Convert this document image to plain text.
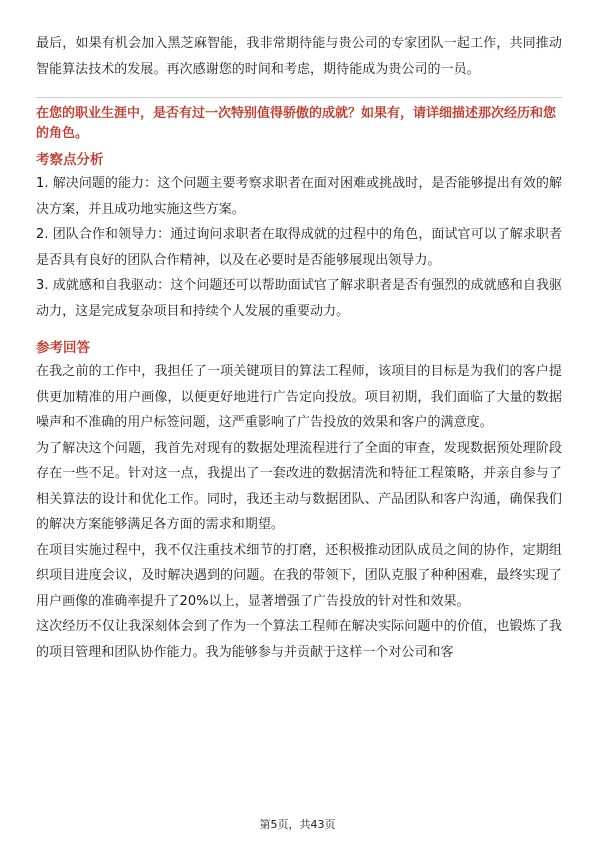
最后，如果有机会加入黑芝麻智能，我非常期待能与贵公司的专家团队一起工作，共同推动智能算法技术的发展。再次感谢您的时间和考虑，期待能成为贵公司的一员。

在您的职业生涯中，是否有过一次特别值得骄傲的成就？如果有，请详细描述那次经历和您的角色。

考察点分析

1. 解决问题的能力：这个问题主要考察求职者在面对困难或挑战时，是否能够提出有效的解决方案，并且成功地实施这些方案。

2. 团队合作和领导力：通过询问求职者在取得成就的过程中的角色，面试官可以了解求职者是否具有良好的团队合作精神，以及在必要时是否能够展现出领导力。

3. 成就感和自我驱动：这个问题还可以帮助面试官了解求职者是否有强烈的成就感和自我驱动力，这是完成复杂项目和持续个人发展的重要动力。

参考回答

在我之前的工作中，我担任了一项关键项目的算法工程师，该项目的目标是为我们的客户提供更加精准的用户画像，以便更好地进行广告定向投放。项目初期，我们面临了大量的数据噪声和不准确的用户标签问题，这严重影响了广告投放的效果和客户的满意度。

为了解决这个问题，我首先对现有的数据处理流程进行了全面的审查，发现数据预处理阶段存在一些不足。针对这一点，我提出了一套改进的数据清洗和特征工程策略，并亲自参与了相关算法的设计和优化工作。同时，我还主动与数据团队、产品团队和客户沟通，确保我们的解决方案能够满足各方面的需求和期望。

在项目实施过程中，我不仅注重技术细节的打磨，还积极推动团队成员之间的协作，定期组织项目进度会议，及时解决遇到的问题。在我的带领下，团队克服了种种困难，最终实现了用户画像的准确率提升了20%以上，显著增强了广告投放的针对性和效果。

这次经历不仅让我深刻体会到了作为一个算法工程师在解决实际问题中的价值，也锻炼了我的项目管理和团队协作能力。我为能够参与并贡献于这样一个对公司和客

第5页，共43页
